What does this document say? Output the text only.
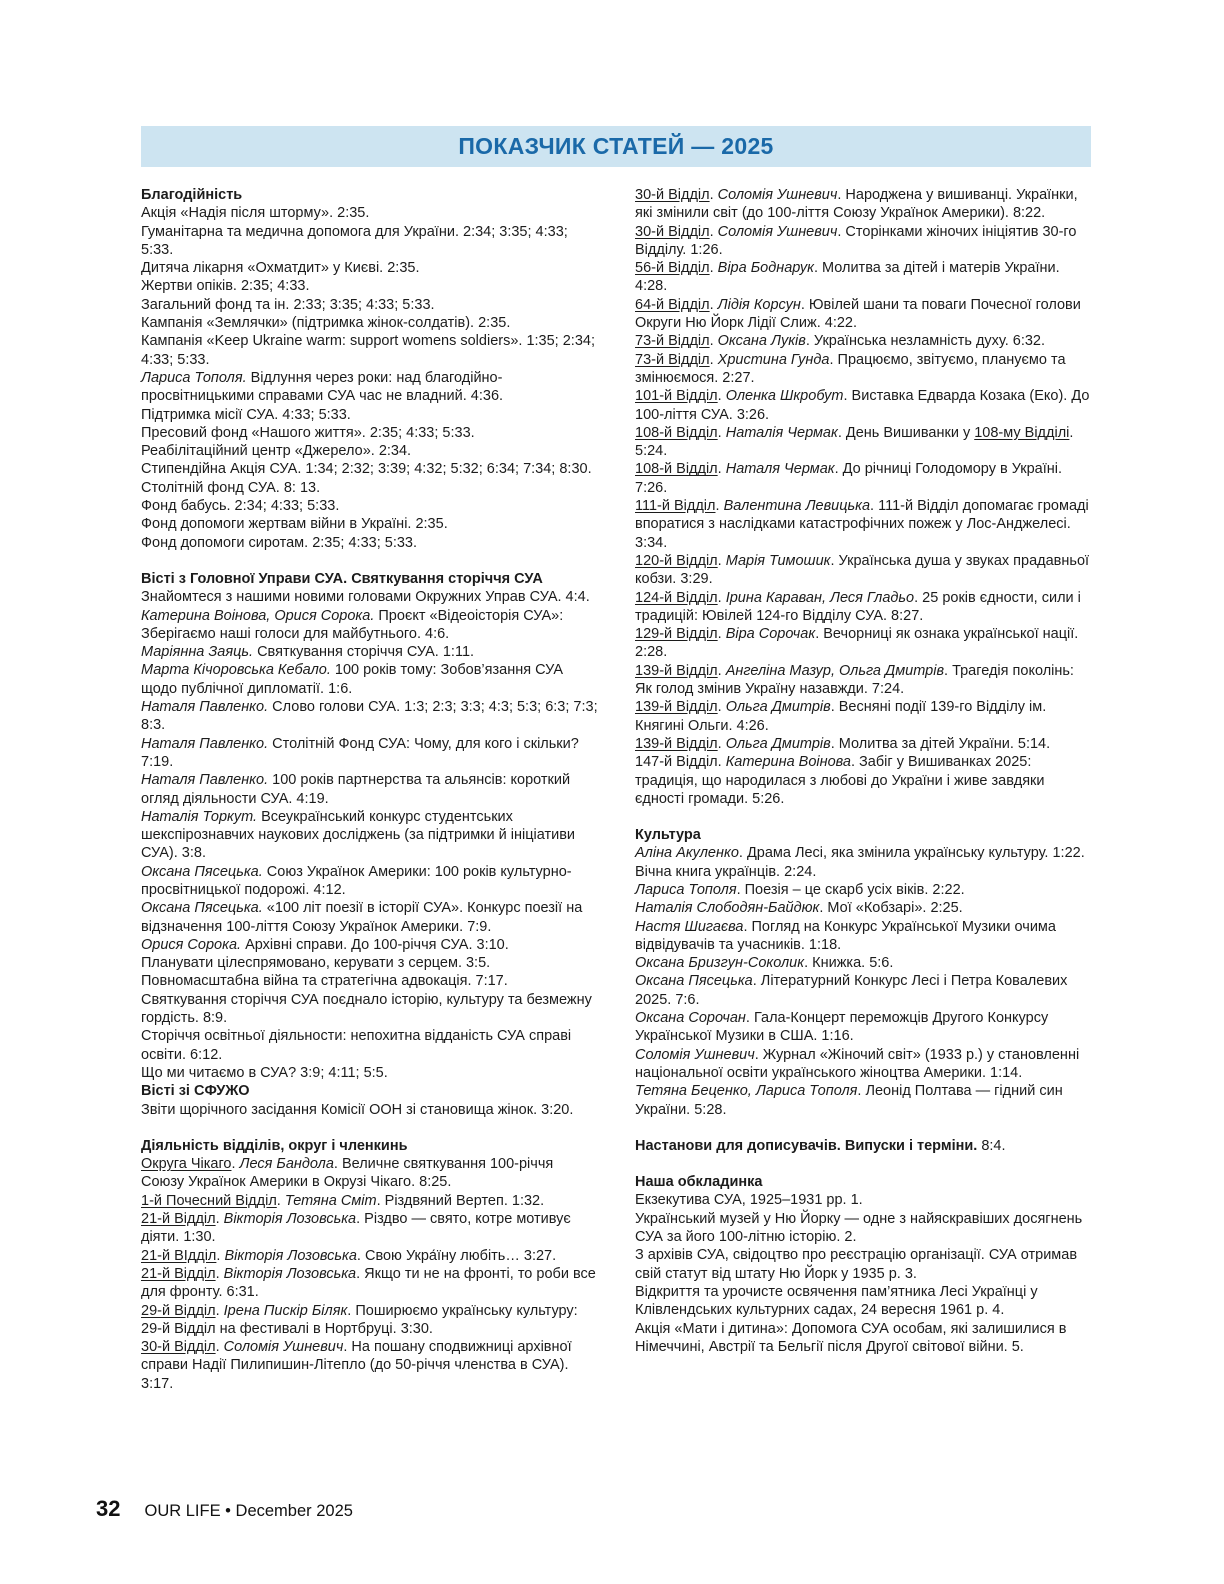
ПОКАЗЧИК СТАТЕЙ — 2025

Благодійність

Акція «Надія після шторму». 2:35.

Гуманітарна та медична допомога для України. 2:34; 3:35; 4:33; 5:33.

Дитяча лікарня «Охматдит» у Києві. 2:35.

Жертви опіків. 2:35; 4:33.

Загальний фонд та ін. 2:33; 3:35; 4:33; 5:33.

Кампанія «Землячки» (підтримка жінок-солдатів). 2:35.

Кампанія «Keep Ukraine warm: support womens soldiers». 1:35; 2:34; 4:33; 5:33.

Лариса Тополя. Відлуння через роки: над благодійно-просвітницькими справами СУА час не владний. 4:36.

Підтримка місії СУА. 4:33; 5:33.

Пресовий фонд «Нашого життя». 2:35; 4:33; 5:33.

Реабілітаційний центр «Джерело». 2:34.

Стипендійна Акція СУА. 1:34; 2:32; 3:39; 4:32; 5:32; 6:34; 7:34; 8:30.

Столітній фонд СУА. 8: 13.

Фонд бабусь. 2:34; 4:33; 5:33.

Фонд допомоги жертвам війни в Україні. 2:35.

Фонд допомоги сиротам. 2:35; 4:33; 5:33.

Вісті з Головної Управи СУА. Святкування сторіччя СУА

Знайомтеся з нашими новими головами Окружних Управ СУА. 4:4.

Катерина Воінова, Орися Сорока. Проєкт «Відеоісторія СУА»: Зберігаємо наші голоси для майбутнього. 4:6.

Маріянна Заяць. Святкування сторіччя СУА. 1:11.

Марта Кічоровська Кебало. 100 років тому: Зобов’язання СУА щодо публічної дипломатії. 1:6.

Наталя Павленко. Слово голови СУА. 1:3; 2:3; 3:3; 4:3; 5:3; 6:3; 7:3; 8:3.

Наталя Павленко. Столітній Фонд СУА: Чому, для кого і скільки? 7:19.

Наталя Павленко. 100 років партнерства та альянсів: короткий огляд діяльности СУА. 4:19.

Наталія Торкут. Всеукраїнський конкурс студентських шекспірознавчих наукових досліджень (за підтримки й ініціативи СУА). 3:8.

Оксана Пясецька. Союз Українок Америки: 100 років культурно-просвітницької подорожі. 4:12.

Оксана Пясецька. «100 літ поезії в історії СУА». Конкурс поезії на відзначення 100-ліття Союзу Українок Америки. 7:9.

Орися Сорока. Архівні справи. До 100-річчя СУА. 3:10.

Планувати цілеспрямовано, керувати з серцем. 3:5.

Повномасштабна війна та стратегічна адвокація. 7:17.

Святкування сторіччя СУА поєднало історію, культуру та безмежну гордість. 8:9.

Сторіччя освітньої діяльности: непохитна відданість СУА справі освіти. 6:12.

Що ми читаємо в СУА? 3:9; 4:11; 5:5.

Вісті зі СФУЖО

Звіти щорічного засідання Комісії ООН зі становища жінок. 3:20.

Діяльність відділів, округ і членкинь

Округа Чікаго. Леся Бандола. Величне святкування 100-річчя Союзу Українок Америки в Окрузі Чікаго. 8:25.

1-й Почесний Відділ. Тетяна Сміт. Різдвяний Вертеп. 1:32.

21-й Відділ. Вікторія Лозовська. Різдво — свято, котре мотивує діяти. 1:30.

21-й ВІдділ. Вікторія Лозовська. Свою Укра́їну любіть… 3:27.

21-й Відділ. Вікторія Лозовська. Якщо ти не на фронті, то роби все для фронту. 6:31.

29-й Відділ. Ірена Пискір Біляк. Поширюємо українську культуру: 29-й Відділ на фестивалі в Нортбруці. 3:30.

30-й Відділ. Соломія Ушневич. На пошану сподвижниці архівної справи Надії Пилипишин-Літепло (до 50-річчя членства в СУА). 3:17.

30-й Відділ. Соломія Ушневич. Народжена у вишиванці. Українки, які змінили світ (до 100-ліття Союзу Українок Америки). 8:22.

30-й Відділ. Соломія Ушневич. Сторінками жіночих ініціятив 30-го Відділу. 1:26.

56-й Відділ. Віра Боднарук. Молитва за дітей і матерів України. 4:28.

64-й Відділ. Лідія Корсун. Ювілей шани та поваги Почесної голови Округи Ню Йорк Лідії Слиж. 4:22.

73-й Відділ. Оксана Луків. Українська незламність духу. 6:32.

73-й Відділ. Христина Гунда. Працюємо, звітуємо, плануємо та змінюємося. 2:27.

101-й Відділ. Оленка Шкробут. Виставка Едварда Козака (Еко). До 100-ліття СУА. 3:26.

108-й Відділ. Наталія Чермак. День Вишиванки у 108-му Відділі. 5:24.

108-й Відділ. Наталя Чермак. До річниці Голодомору в Україні. 7:26.

111-й Відділ. Валентина Левицька. 111-й Відділ допомагає громаді впоратися з наслідками катастрофічних пожеж у Лос-Анджелесі. 3:34.

120-й Відділ. Марія Тимошик. Українська душа у звуках прадавньої кобзи. 3:29.

124-й Відділ. Ірина Караван, Леся Гладьо. 25 років єдности, сили і традицій: Ювілей 124-го Відділу СУА. 8:27.

129-й Відділ. Віра Сорочак. Вечорниці як ознака української нації. 2:28.

139-й Відділ. Ангеліна Мазур, Ольга Дмитрів. Трагедія поколінь: Як голод змінив Україну назавжди. 7:24.

139-й Відділ. Ольга Дмитрів. Весняні події 139-го Відділу ім. Княгині Ольги. 4:26.

139-й Відділ. Ольга Дмитрів. Молитва за дітей України. 5:14.

147-й Відділ. Катерина Воінова. Забіг у Вишиванках 2025: традиція, що народилася з любові до України і живе завдяки єдності громади. 5:26.

Культура

Аліна Акуленко. Драма Лесі, яка змінила українську культуру. 1:22.

Вічна книга українців. 2:24.

Лариса Тополя. Поезія – це скарб усіх віків. 2:22.

Наталія Слободян-Байдюк. Мої «Кобзарі». 2:25.

Настя Шигаєва. Погляд на Конкурс Української Музики очима відвідувачів та учасників. 1:18.

Оксана Бризгун-Соколик. Книжка. 5:6.

Оксана Пясецька. Літературний Конкурс Лесі і Петра Ковалевих 2025. 7:6.

Оксана Сорочан. Гала-Концерт переможців Другого Конкурсу Української Музики в США. 1:16.

Соломія Ушневич. Журнал «Жіночий світ» (1933 р.) у становленні національної освіти українського жіноцтва Америки. 1:14.

Тетяна Беценко, Лариса Тополя. Леонід Полтава — гідний син України. 5:28.

Настанови для дописувачів. Випуски і терміни. 8:4.

Наша обкладинка

Екзекутива СУА, 1925–1931 рр. 1.

Український музей у Ню Йорку — одне з найяскравіших досягнень СУА за його 100-літню історію. 2.

З архівів СУА, свідоцтво про реєстрацію організації. СУА отримав свій статут від штату Ню Йорк у 1935 р. 3.

Відкриття та урочисте освячення пам’ятника Лесі Українці у Клівлендських культурних садах, 24 вересня 1961 р. 4.

Акція «Мати і дитина»: Допомога СУА особам, які залишилися в Німеччині, Австрії та Бельгії після Другої світової війни. 5.

32 OUR LIFE • December 2025
